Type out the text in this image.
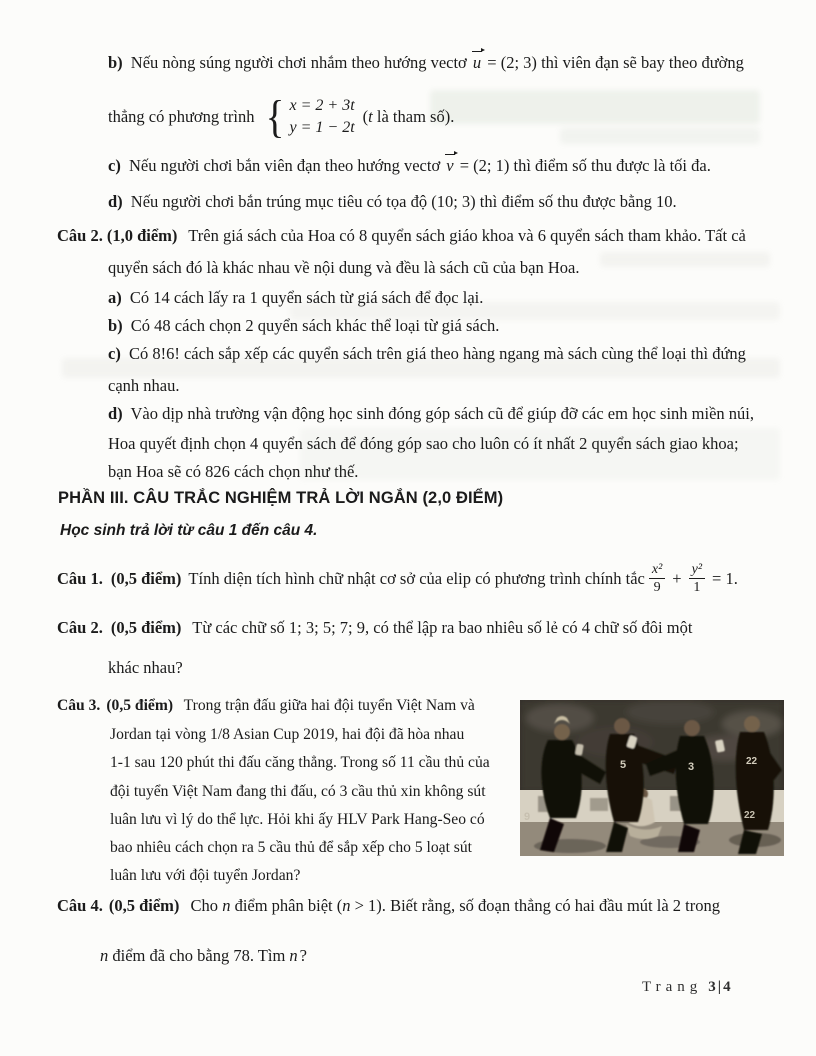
b) Nếu nòng súng người chơi nhắm theo hướng vectơ u = (2; 3) thì viên đạn sẽ bay theo đường
thẳng có phương trình { x = 2 + 3t
y = 1 − 2t
(t là tham số).
c) Nếu người chơi bắn viên đạn theo hướng vectơ v = (2; 1) thì điểm số thu được là tối đa.
d) Nếu người chơi bắn trúng mục tiêu có tọa độ (10; 3) thì điểm số thu được bằng 10.
Câu 2. (1,0 điểm) Trên giá sách của Hoa có 8 quyển sách giáo khoa và 6 quyển sách tham khảo. Tất cả
quyển sách đó là khác nhau về nội dung và đều là sách cũ của bạn Hoa.
a) Có 14 cách lấy ra 1 quyển sách từ giá sách để đọc lại.
b) Có 48 cách chọn 2 quyển sách khác thể loại từ giá sách.
c) Có 8!6! cách sắp xếp các quyển sách trên giá theo hàng ngang mà sách cùng thể loại thì đứng
cạnh nhau.
d) Vào dịp nhà trường vận động học sinh đóng góp sách cũ để giúp đỡ các em học sinh miền núi,
Hoa quyết định chọn 4 quyển sách để đóng góp sao cho luôn có ít nhất 2 quyển sách giao khoa;
bạn Hoa sẽ có 826 cách chọn như thế.
PHẦN III. CÂU TRẮC NGHIỆM TRẢ LỜI NGẮN (2,0 ĐIỂM)
Học sinh trả lời từ câu 1 đến câu 4.
Câu 1. (0,5 điểm) Tính diện tích hình chữ nhật cơ sở của elip có phương trình chính tắc $\frac{\text{x²}}{9} + \frac{\text{y²}}{1} = 1$.
Câu 2. (0,5 điểm) Từ các chữ số 1; 3; 5; 7; 9, có thể lập ra bao nhiêu số lẻ có 4 chữ số đôi một
khác nhau?
Câu 3. (0,5 điểm) Trong trận đấu giữa hai đội tuyển Việt Nam và
Jordan tại vòng 1/8 Asian Cup 2019, hai đội đã hòa nhau
1-1 sau 120 phút thi đấu căng thẳng. Trong số 11 cầu thủ của
đội tuyển Việt Nam đang thi đấu, có 3 cầu thủ xin không sút
luân lưu vì lý do thể lực. Hỏi khi ấy HLV Park Hang-Seo có
bao nhiêu cách chọn ra 5 cầu thủ để sắp xếp cho 5 loạt sút
luân lưu với đội tuyển Jordan?
5	3	22
9	22
Câu 4. (0,5 điểm) Cho n điểm phân biệt (n > 1). Biết rằng, số đoạn thẳng có hai đầu mút là 2 trong
n điểm đã cho bằng 78. Tìm n ?
Trang 3|4
